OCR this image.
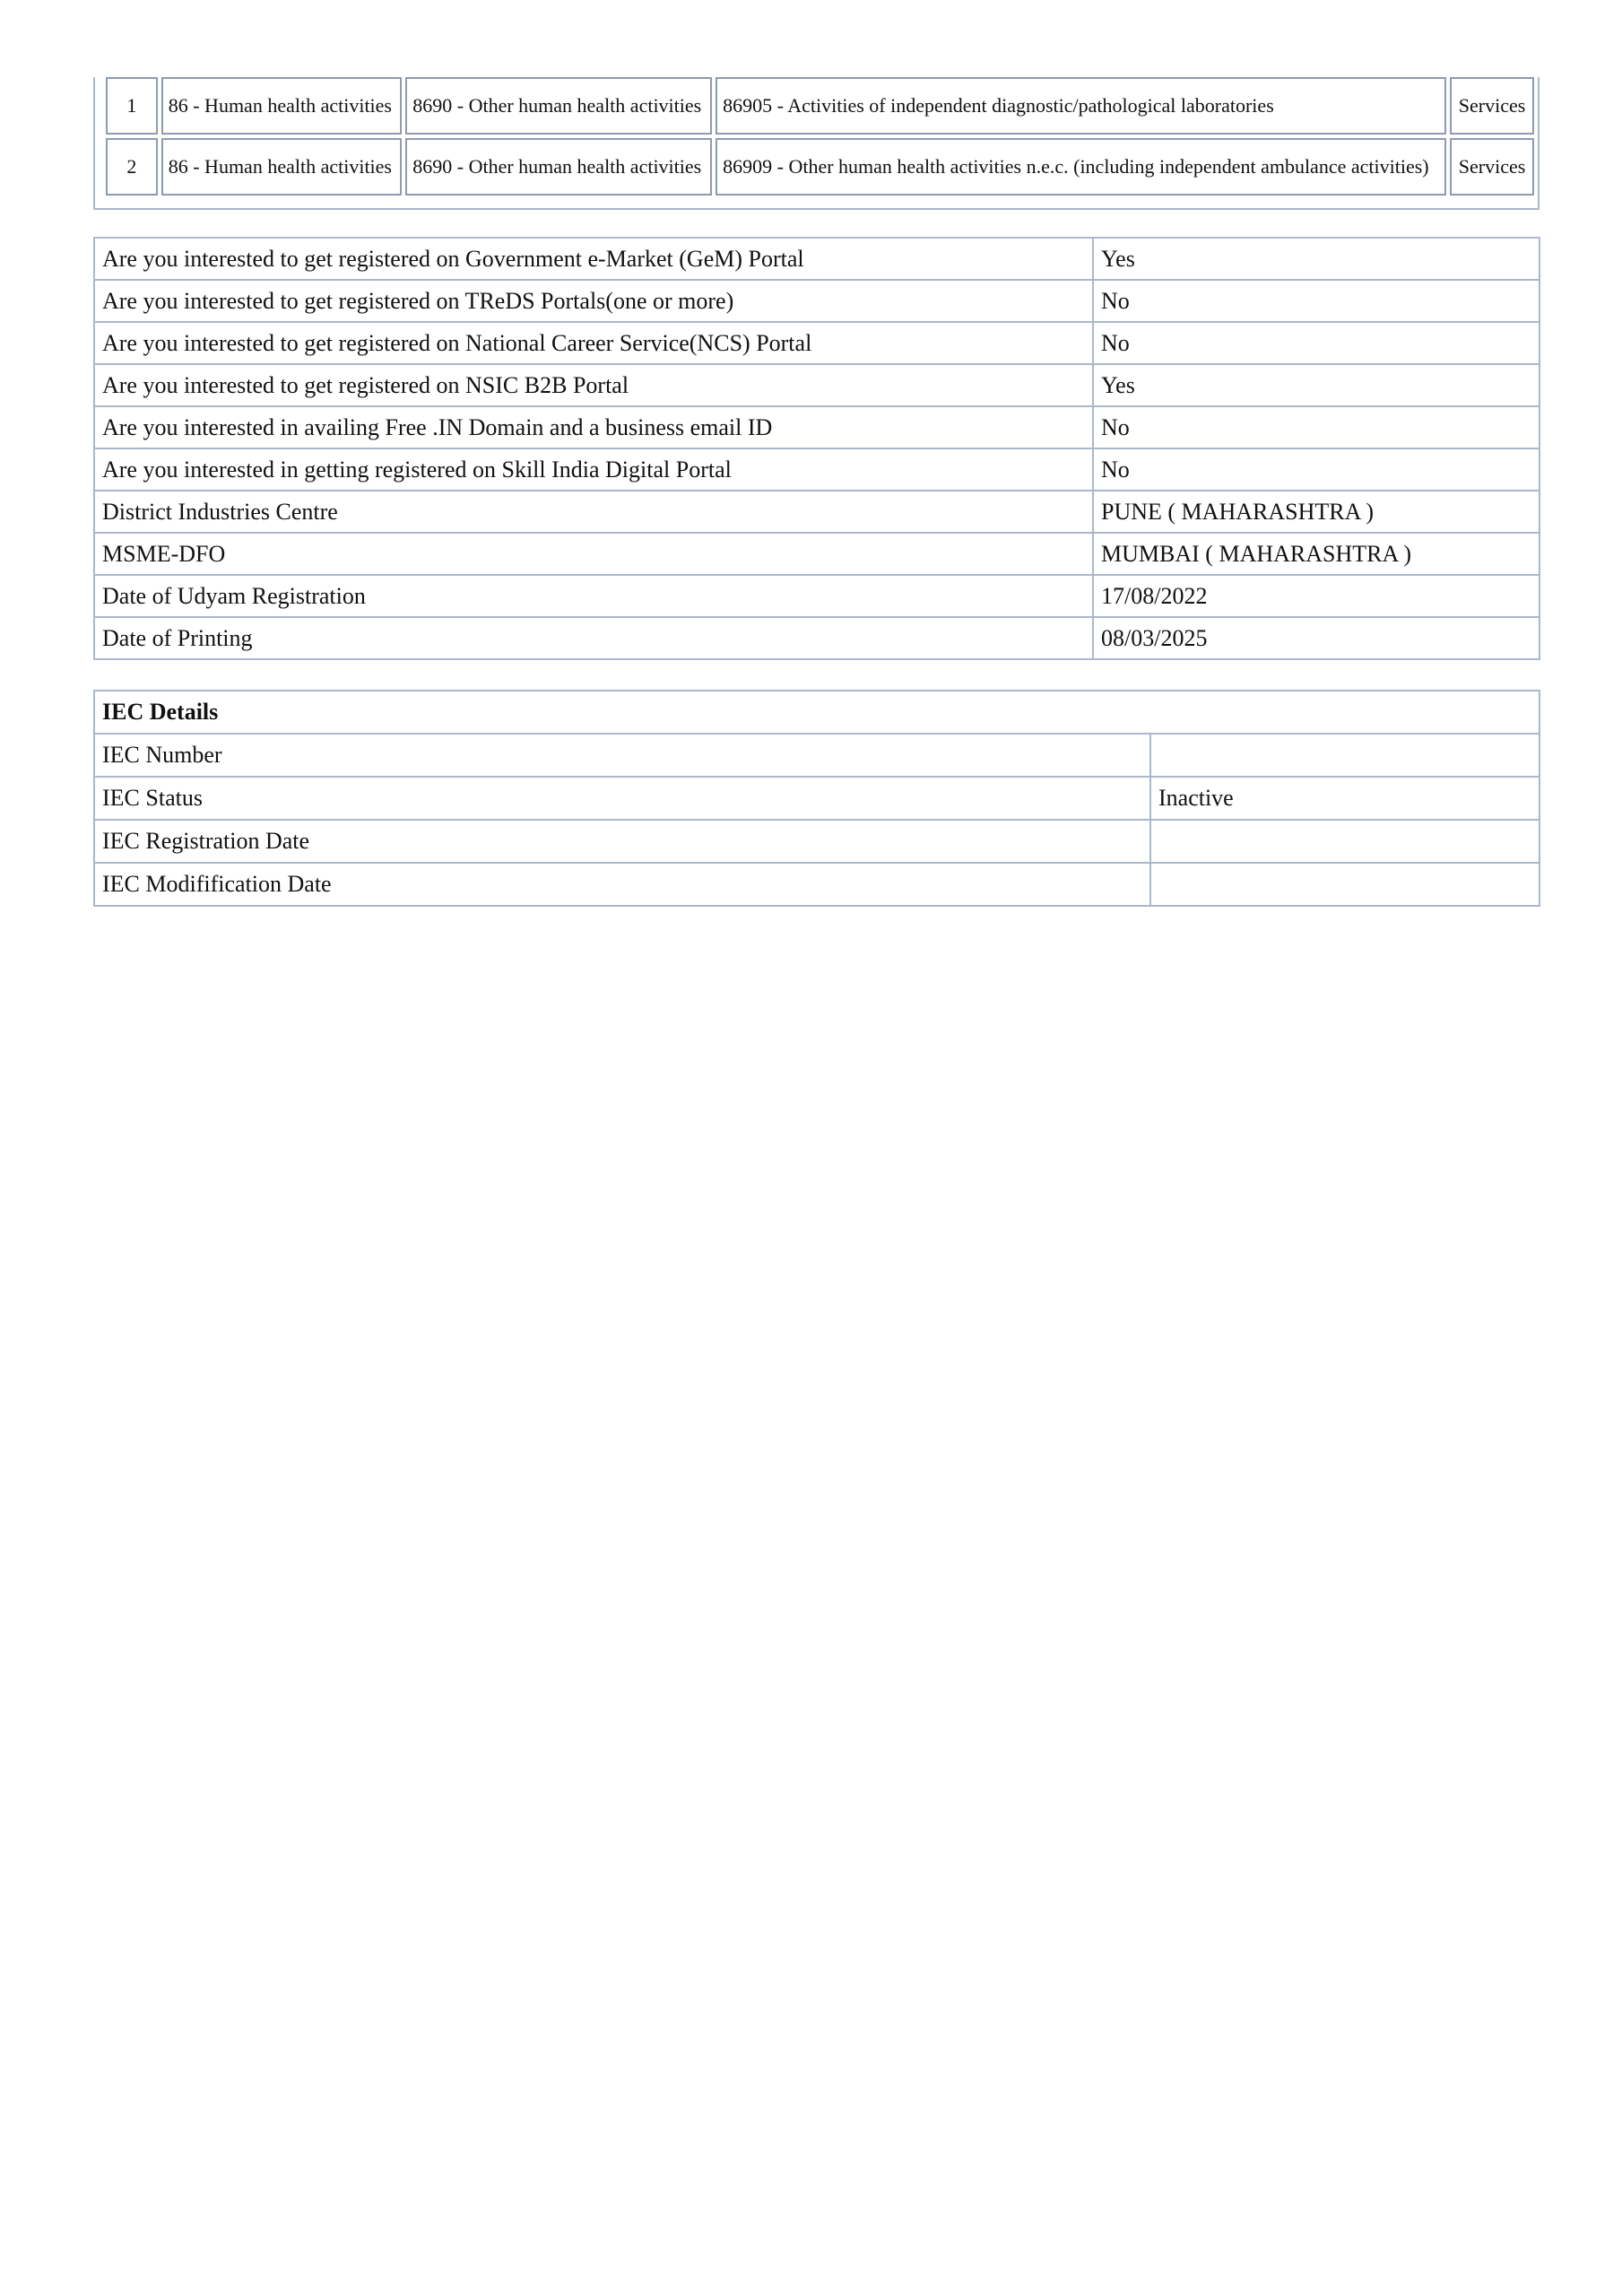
1	86 - Human health activities	8690 - Other human health activities	86905 - Activities of independent diagnostic/pathological laboratories	Services
2	86 - Human health activities	8690 - Other human health activities	86909 - Other human health activities n.e.c. (including independent ambulance activities)	Services
Are you interested to get registered on Government e-Market (GeM) Portal	Yes
Are you interested to get registered on TReDS Portals(one or more)	No
Are you interested to get registered on National Career Service(NCS) Portal	No
Are you interested to get registered on NSIC B2B Portal	Yes
Are you interested in availing Free .IN Domain and a business email ID	No
Are you interested in getting registered on Skill India Digital Portal	No
District Industries Centre	PUNE ( MAHARASHTRA )
MSME-DFO	MUMBAI ( MAHARASHTRA )
Date of Udyam Registration	17/08/2022
Date of Printing	08/03/2025
IEC Details	
IEC Number	
IEC Status	Inactive
IEC Registration Date	
IEC Modifification Date	
